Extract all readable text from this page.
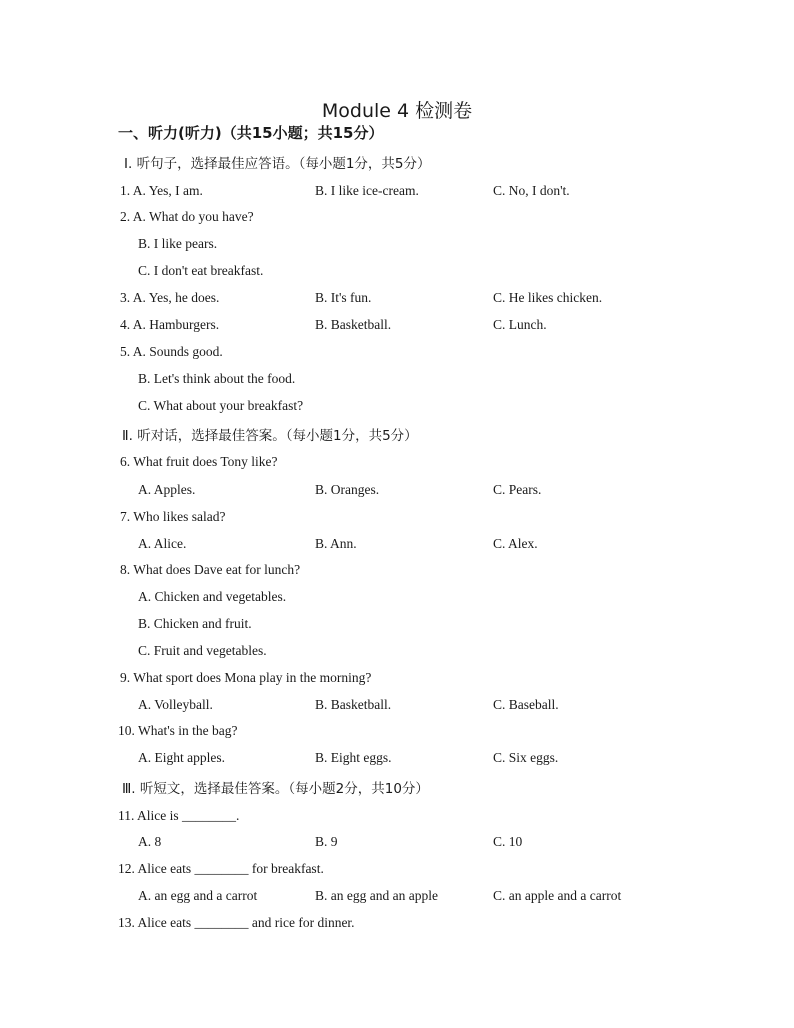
Module 4 检测卷
一、听力(听力)（共15小题；共15分）
Ⅰ. 听句子，选择最佳应答语。（每小题1分，共5分）
1. A. Yes, I am.	B. I like ice-cream.	C. No, I don't.
2. A. What do you have?
B. I like pears.
C. I don't eat breakfast.
3. A. Yes, he does.	B. It's fun.	C. He likes chicken.
4. A. Hamburgers.	B. Basketball.	C. Lunch.
5. A. Sounds good.
B. Let's think about the food.
C. What about your breakfast?
Ⅱ. 听对话，选择最佳答案。（每小题1分，共5分）
6. What fruit does Tony like?
A. Apples.	B. Oranges.	C. Pears.
7. Who likes salad?
A. Alice.	B. Ann.	C. Alex.
8. What does Dave eat for lunch?
A. Chicken and vegetables.
B. Chicken and fruit.
C. Fruit and vegetables.
9. What sport does Mona play in the morning?
A. Volleyball.	B. Basketball.	C. Baseball.
10. What's in the bag?
A. Eight apples.	B. Eight eggs.	C. Six eggs.
Ⅲ. 听短文，选择最佳答案。（每小题2分，共10分）
11. Alice is ________.
A. 8	B. 9	C. 10
12. Alice eats ________ for breakfast.
A. an egg and a carrot	B. an egg and an apple	C. an apple and a carrot
13. Alice eats ________ and rice for dinner.
